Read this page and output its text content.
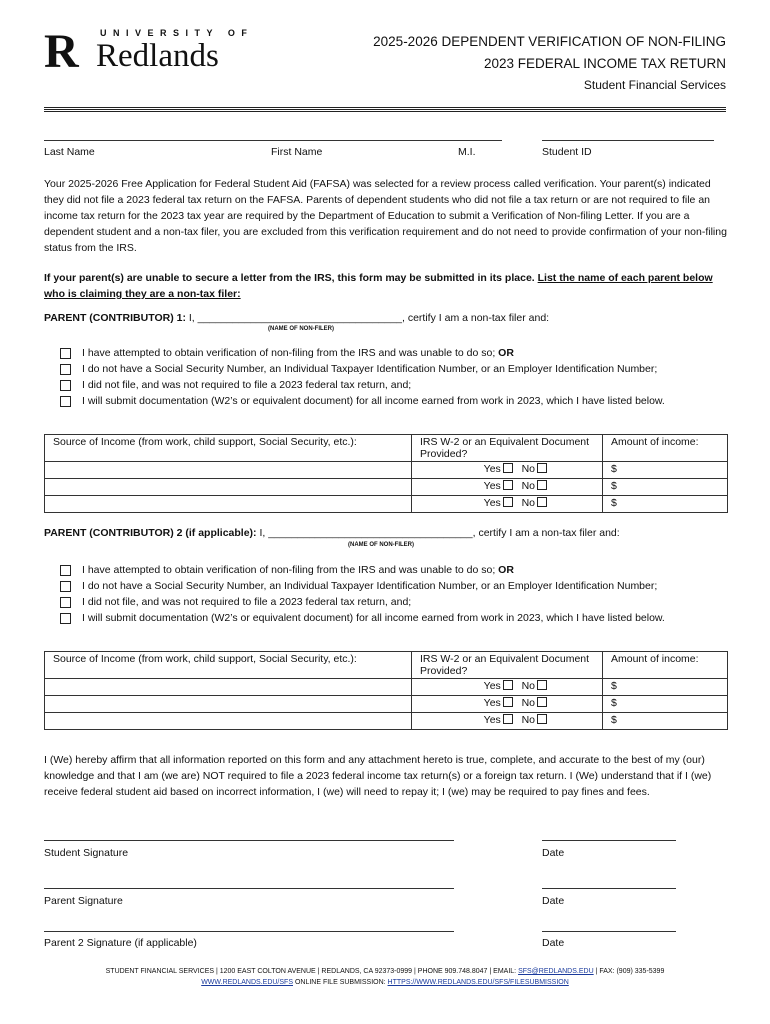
UNIVERSITY OF
R Redlands	2025-2026 DEPENDENT VERIFICATION OF NON-FILING
2023 FEDERAL INCOME TAX RETURN
Student Financial Services
Last Name	First Name	M.I.	Student ID
Your 2025-2026 Free Application for Federal Student Aid (FAFSA) was selected for a review process called verification. Your parent(s) indicated they did not file a 2023 federal tax return on the FAFSA. Parents of dependent students who did not file a tax return or are not required to file an income tax return for the 2023 tax year are required by the Department of Education to submit a Verification of Non-filing Letter. If you are a dependent student and a non-tax filer, you are excluded from this verification requirement and do not need to provide confirmation of your non-filing status from the IRS.
If your parent(s) are unable to secure a letter from the IRS, this form may be submitted in its place. List the name of each parent below who is claiming they are a non-tax filer:
PARENT (CONTRIBUTOR) 1: I, ___________________________________, certify I am a non-tax filer and:
(NAME OF NON-FILER)
I have attempted to obtain verification of non-filing from the IRS and was unable to do so; OR
I do not have a Social Security Number, an Individual Taxpayer Identification Number, or an Employer Identification Number;
I did not file, and was not required to file a 2023 federal tax return, and;
I will submit documentation (W2’s or equivalent document) for all income earned from work in 2023, which I have listed below.
Source of Income (from work, child support, Social Security, etc.):	IRS W-2 or an Equivalent Document Provided?	Amount of income:
	Yes No	$
	Yes No	$
	Yes No	$
PARENT (CONTRIBUTOR) 2 (if applicable): I, ___________________________________, certify I am a non-tax filer and:
(NAME OF NON-FILER)
I have attempted to obtain verification of non-filing from the IRS and was unable to do so; OR
I do not have a Social Security Number, an Individual Taxpayer Identification Number, or an Employer Identification Number;
I did not file, and was not required to file a 2023 federal tax return, and;
I will submit documentation (W2’s or equivalent document) for all income earned from work in 2023, which I have listed below.
Source of Income (from work, child support, Social Security, etc.):	IRS W-2 or an Equivalent Document Provided?	Amount of income:
	Yes No	$
	Yes No	$
	Yes No	$
I (We) hereby affirm that all information reported on this form and any attachment hereto is true, complete, and accurate to the best of my (our) knowledge and that I am (we are) NOT required to file a 2023 federal income tax return(s) or a foreign tax return. I (We) understand that if I (we) receive federal student aid based on incorrect information, I (we) will need to repay it; I (we) may be required to pay fines and fees.
Student Signature	Date
Parent Signature	Date
Parent 2 Signature (if applicable)	Date
STUDENT FINANCIAL SERVICES | 1200 EAST COLTON AVENUE | REDLANDS, CA 92373-0999 | PHONE 909.748.8047 | EMAIL: SFS@REDLANDS.EDU | FAX: (909) 335-5399
WWW.REDLANDS.EDU/SFS ONLINE FILE SUBMISSION: HTTPS://WWW.REDLANDS.EDU/SFS/FILESUBMISSION
